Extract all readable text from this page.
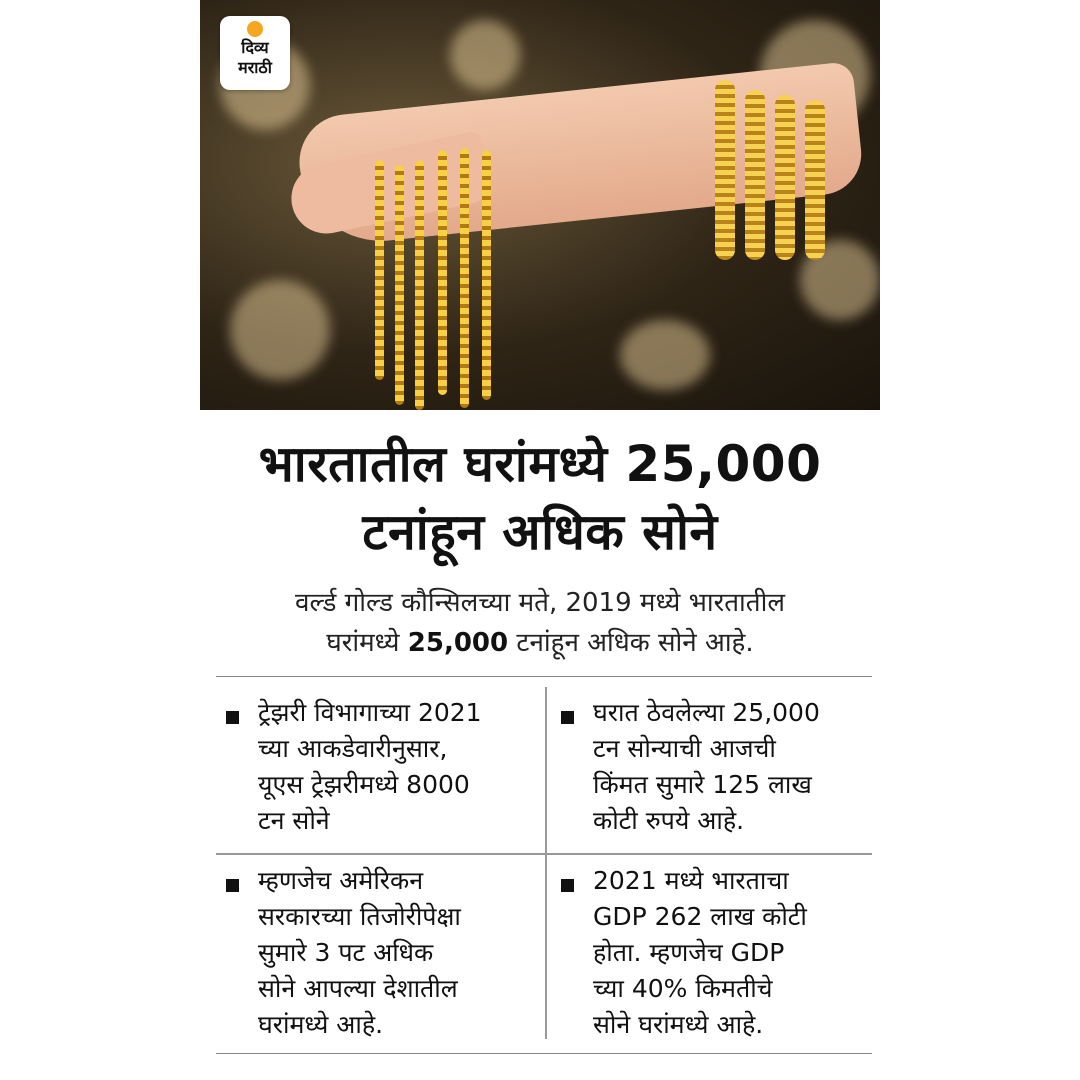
दिव्य
मराठी
भारतातील घरांमध्ये 25,000
टनांहून अधिक सोने
वर्ल्ड गोल्ड कौन्सिलच्या मते, 2019 मध्ये भारतातील
घरांमध्ये 25,000 टनांहून अधिक सोने आहे.
ट्रेझरी विभागाच्या 2021
च्या आकडेवारीनुसार,
यूएस ट्रेझरीमध्ये 8000
टन सोने
घरात ठेवलेल्या 25,000
टन सोन्याची आजची
किंमत सुमारे 125 लाख
कोटी रुपये आहे.
म्हणजेच अमेरिकन
सरकारच्या तिजोरीपेक्षा
सुमारे 3 पट अधिक
सोने आपल्या देशातील
घरांमध्ये आहे.
2021 मध्ये भारताचा
GDP 262 लाख कोटी
होता. म्हणजेच GDP
च्या 40% किमतीचे
सोने घरांमध्ये आहे.
